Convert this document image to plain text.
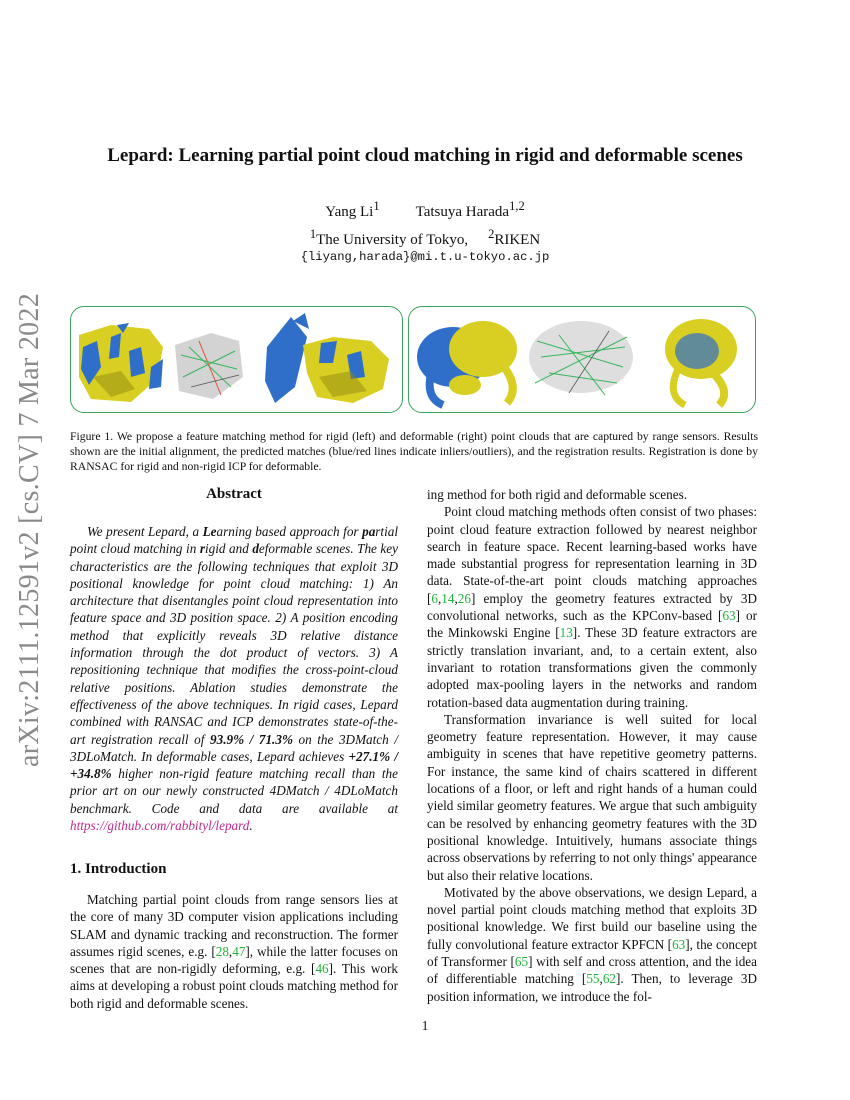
arXiv:2111.12591v2 [cs.CV] 7 Mar 2022
Lepard: Learning partial point cloud matching in rigid and deformable scenes
Yang Li$^1$ Tatsuya Harada$^{1,2}$
$^1$The University of Tokyo, $^2$RIKEN
{liyang,harada}@mi.t.u-tokyo.ac.jp
Figure 1. We propose a feature matching method for rigid (left) and deformable (right) point clouds that are captured by range sensors. Results shown are the initial alignment, the predicted matches (blue/red lines indicate inliers/outliers), and the registration results. Registration is done by RANSAC for rigid and non-rigid ICP for deformable.
Abstract
We present Lepard, a Learning based approach for partial point cloud matching in rigid and deformable scenes. The key characteristics are the following techniques that exploit 3D positional knowledge for point cloud matching: 1) An architecture that disentangles point cloud representation into feature space and 3D position space. 2) A position encoding method that explicitly reveals 3D relative distance information through the dot product of vectors. 3) A repositioning technique that modifies the cross-point-cloud relative positions. Ablation studies demonstrate the effectiveness of the above techniques. In rigid cases, Lepard combined with RANSAC and ICP demonstrates state-of-the-art registration recall of 93.9% / 71.3% on the 3DMatch / 3DLoMatch. In deformable cases, Lepard achieves +27.1% / +34.8% higher non-rigid feature matching recall than the prior art on our newly constructed 4DMatch / 4DLoMatch benchmark. Code and data are available at https://github.com/rabbityl/lepard.
1. Introduction

Matching partial point clouds from range sensors lies at the core of many 3D computer vision applications including SLAM and dynamic tracking and reconstruction. The former assumes rigid scenes, e.g. [28,47], while the latter focuses on scenes that are non-rigidly deforming, e.g. [46]. This work aims at developing a robust point clouds matching method for both rigid and deformable scenes.

ing method for both rigid and deformable scenes.

Point cloud matching methods often consist of two phases: point cloud feature extraction followed by nearest neighbor search in feature space. Recent learning-based works have made substantial progress for representation learning in 3D data. State-of-the-art point clouds matching approaches [6,14,26] employ the geometry features extracted by 3D convolutional networks, such as the KPConv-based [63] or the Minkowski Engine [13]. These 3D feature extractors are strictly translation invariant, and, to a certain extent, also invariant to rotation transformations given the commonly adopted max-pooling layers in the networks and random rotation-based data augmentation during training.

Transformation invariance is well suited for local geometry feature representation. However, it may cause ambiguity in scenes that have repetitive geometry patterns. For instance, the same kind of chairs scattered in different locations of a floor, or left and right hands of a human could yield similar geometry features. We argue that such ambiguity can be resolved by enhancing geometry features with the 3D positional knowledge. Intuitively, humans associate things across observations by referring to not only things' appearance but also their relative locations.

Motivated by the above observations, we design Lepard, a novel partial point clouds matching method that exploits 3D positional knowledge. We first build our baseline using the fully convolutional feature extractor KPFCN [63], the concept of Transformer [65] with self and cross attention, and the idea of differentiable matching [55,62]. Then, to leverage 3D position information, we introduce the fol-

1
